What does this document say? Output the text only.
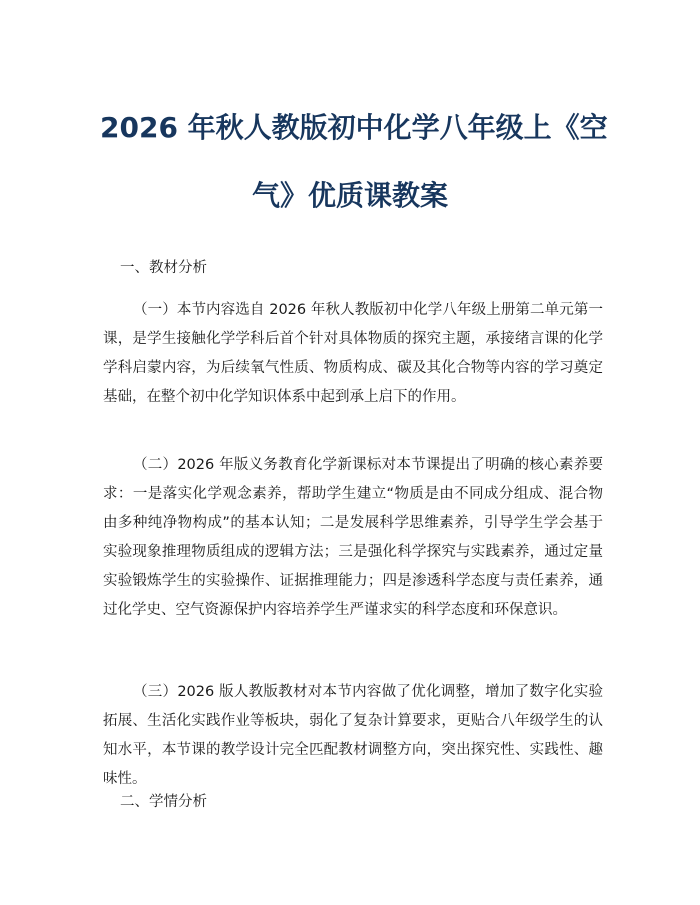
2026 年秋人教版初中化学八年级上《空
气》优质课教案
一、教材分析
（一）本节内容选自 2026 年秋人教版初中化学八年级上册第二单元第一课，是学生接触化学学科后首个针对具体物质的探究主题，承接绪言课的化学学科启蒙内容，为后续氧气性质、物质构成、碳及其化合物等内容的学习奠定基础，在整个初中化学知识体系中起到承上启下的作用。
（二）2026 年版义务教育化学新课标对本节课提出了明确的核心素养要求：一是落实化学观念素养，帮助学生建立“物质是由不同成分组成、混合物由多种纯净物构成”的基本认知；二是发展科学思维素养，引导学生学会基于实验现象推理物质组成的逻辑方法；三是强化科学探究与实践素养，通过定量实验锻炼学生的实验操作、证据推理能力；四是渗透科学态度与责任素养，通过化学史、空气资源保护内容培养学生严谨求实的科学态度和环保意识。
（三）2026 版人教版教材对本节内容做了优化调整，增加了数字化实验拓展、生活化实践作业等板块，弱化了复杂计算要求，更贴合八年级学生的认知水平，本节课的教学设计完全匹配教材调整方向，突出探究性、实践性、趣味性。
二、学情分析
